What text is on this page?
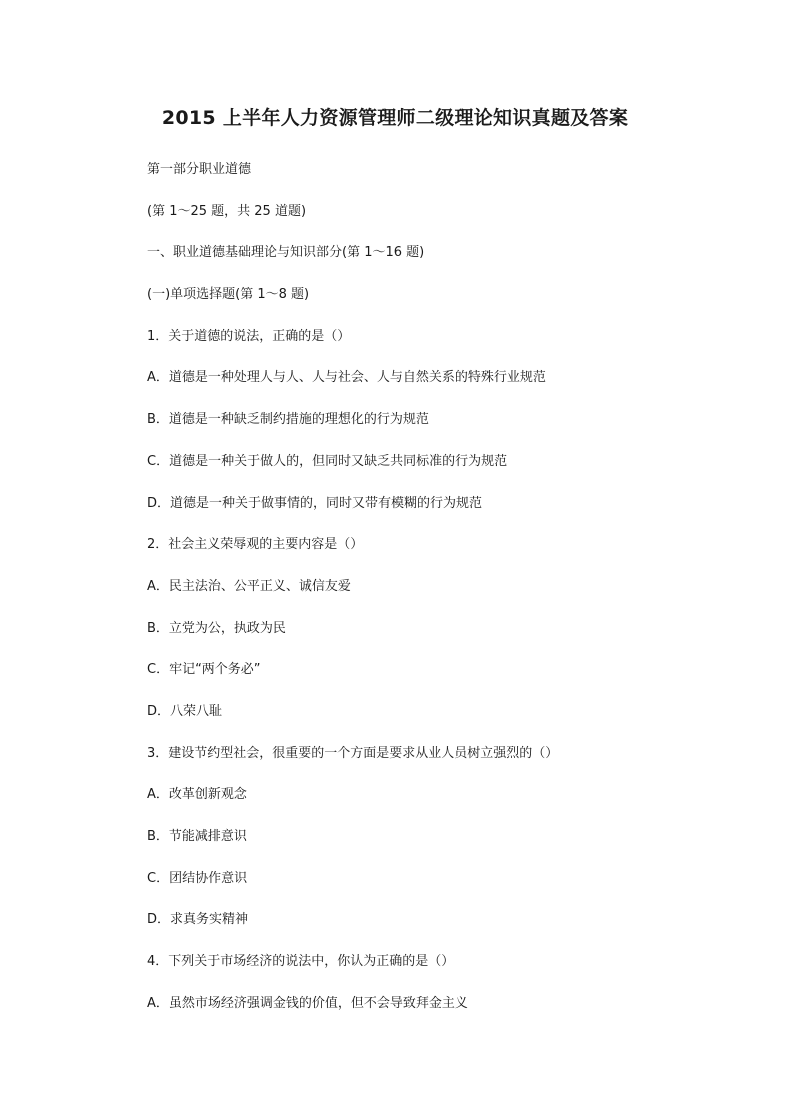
2015 上半年人力资源管理师二级理论知识真题及答案
第一部分职业道德
(第 1～25 题，共 25 道题)
一、职业道德基础理论与知识部分(第 1～16 题)
(一)单项选择题(第 1～8 题)
1．关于道德的说法，正确的是（）
A．道德是一种处理人与人、人与社会、人与自然关系的特殊行业规范
B．道德是一种缺乏制约措施的理想化的行为规范
C．道德是一种关于做人的，但同时又缺乏共同标准的行为规范
D．道德是一种关于做事情的，同时又带有模糊的行为规范
2．社会主义荣辱观的主要内容是（）
A．民主法治、公平正义、诚信友爱
B．立党为公，执政为民
C．牢记“两个务必”
D．八荣八耻
3．建设节约型社会，很重要的一个方面是要求从业人员树立强烈的（）
A．改革创新观念
B．节能减排意识
C．团结协作意识
D．求真务实精神
4．下列关于市场经济的说法中，你认为正确的是（）
A．虽然市场经济强调金钱的价值，但不会导致拜金主义
